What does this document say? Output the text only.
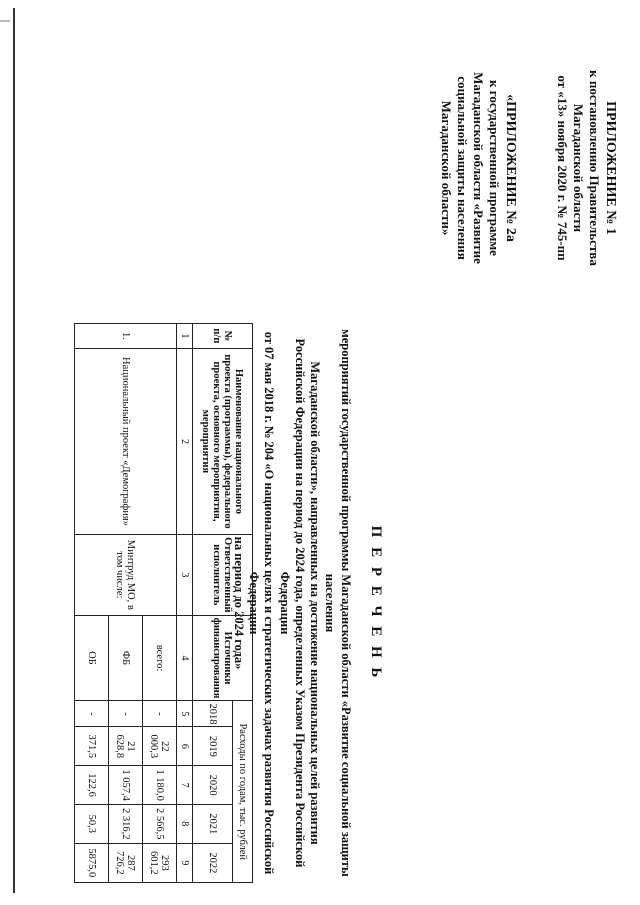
ПРИЛОЖЕНИЕ № 1
к постановлению Правительства
Магаданской области
от «13» ноября 2020 г. № 745-пп
«ПРИЛОЖЕНИЕ № 2а
к государственной программе
Магаданской области «Развитие
социальной защиты населения
Магаданской области»
П Е Р Е Ч Е Н Ь
мероприятий государственной программы Магаданской области «Развитие социальной защиты населения
Магаданской области», направленных на достижение национальных целей развития
Российской Федерации на период до 2024 года, определенных Указом Президента Российской Федерации
от 07 мая 2018 г. № 204 «О национальных целях и стратегических задачах развития Российской Федерации
на период до 2024 года»
№ п/п	Наименование национального проекта (программы), федерального проекта, основного мероприятия, мероприятия	Ответственный исполнитель	Источники финансирования	Расходы по годам, тыс. рублей				
				2018	2019	2020	2021	2022
1	2	3	4	5	6	7	8	9
1.	Национальный проект «Демография»	Минтруд МО, в том числе:	всего:	-	22 000,3	1 180,0	2 566,5	293 601,2
			ФБ	-	21 628,8	1 057,4	2 316,2	287 726,2
			ОБ	-	371,5	122,6	50,3	5875,0
